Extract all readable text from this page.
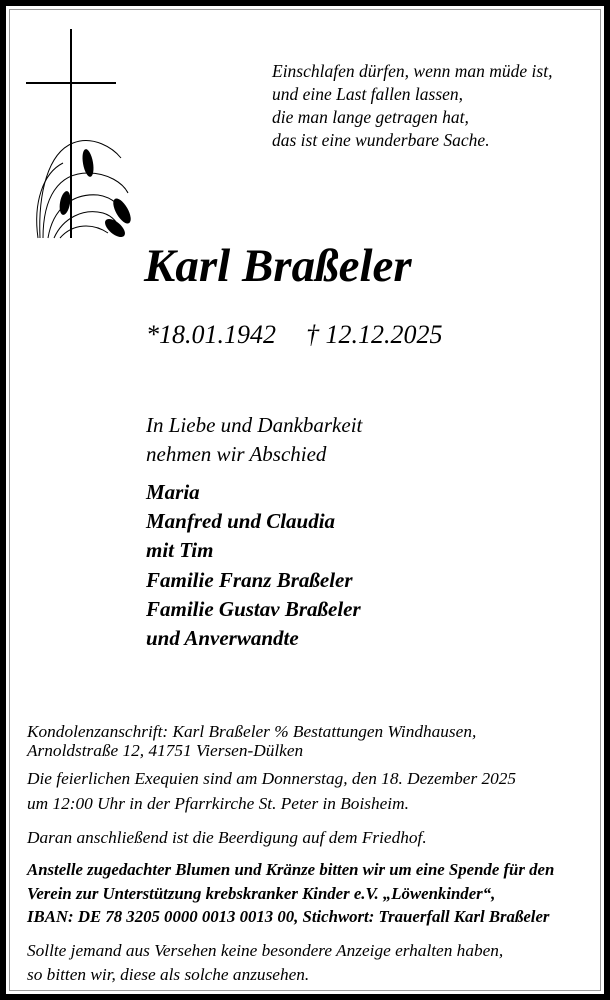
Einschlafen dürfen, wenn man müde ist,
und eine Last fallen lassen,
die man lange getragen hat,
das ist eine wunderbare Sache.
Karl Braßeler
*18.01.1942 † 12.12.2025
In Liebe und Dankbarkeit
nehmen wir Abschied
Maria
Manfred und Claudia
mit Tim
Familie Franz Braßeler
Familie Gustav Braßeler
und Anverwandte
Kondolenzanschrift: Karl Braßeler % Bestattungen Windhausen,
Arnoldstraße 12, 41751 Viersen-Dülken
Die feierlichen Exequien sind am Donnerstag, den 18. Dezember 2025
um 12:00 Uhr in der Pfarrkirche St. Peter in Boisheim.
Daran anschließend ist die Beerdigung auf dem Friedhof.
Anstelle zugedachter Blumen und Kränze bitten wir um eine Spende für den
Verein zur Unterstützung krebskranker Kinder e.V. „Löwenkinder“,
IBAN: DE 78 3205 0000 0013 0013 00, Stichwort: Trauerfall Karl Braßeler
Sollte jemand aus Versehen keine besondere Anzeige erhalten haben,
so bitten wir, diese als solche anzusehen.
